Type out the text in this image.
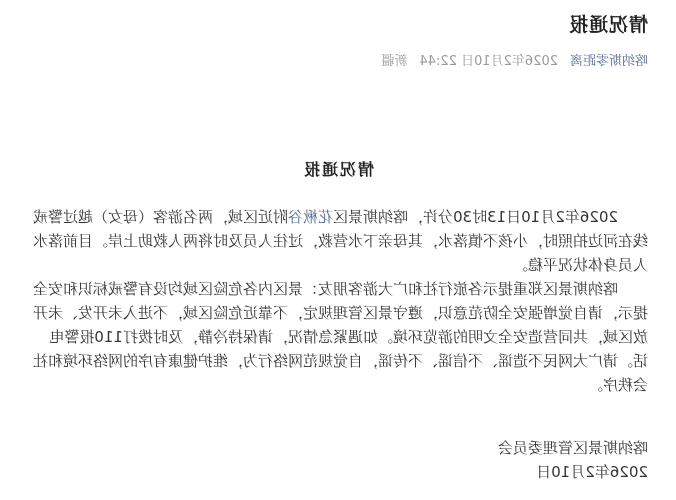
情况通报
喀纳斯零距离2026年2月10日 22:44新疆
情况通报

2026年2月10日13时30分许，喀纳斯景区花楸谷附近区域，两名游客（母女）越过警戒线在河边拍照时，小孩不慎落水，其母亲下水营救，过往人员及时将两人救助上岸。目前落水人员身体状况平稳。

喀纳斯景区郑重提示各旅行社和广大游客朋友：景区内各危险区域均设有警戒标识和安全提示，请自觉增强安全防范意识，遵守景区管理规定，不靠近危险区域，不进入未开发、未开放区域，共同营造安全文明的游览环境。如遇紧急情况，请保持冷静，及时拨打110报警电话。请广大网民不造谣、不信谣、不传谣，自觉规范网络行为，维护健康有序的网络环境和社会秩序。

喀纳斯景区管理委员会
2026年2月10日
